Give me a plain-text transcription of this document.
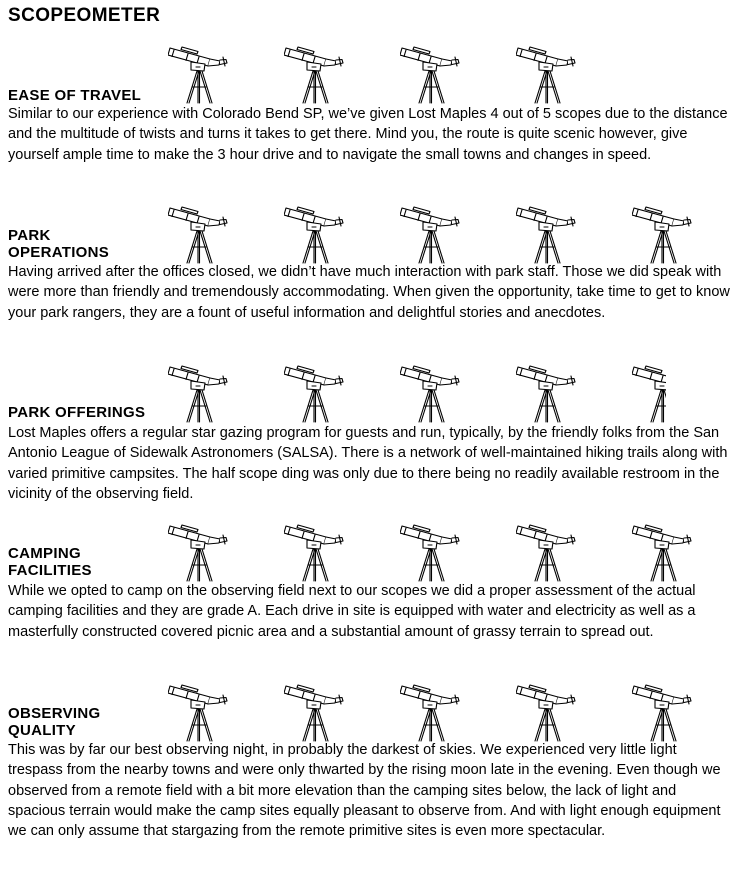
SCOPEOMETER
EASE OF TRAVEL
Similar to our experience with Colorado Bend SP, we’ve given Lost Maples 4 out of 5 scopes due to the distance and the multitude of twists and turns it takes to get there. Mind you, the route is quite scenic however, give yourself ample time to make the 3 hour drive and to navigate the small towns and changes in speed.
PARK
OPERATIONS
Having arrived after the offices closed, we didn’t have much interaction with park staff. Those we did speak with were more than friendly and tremendously accommodating. When given the opportunity, take time to get to know your park rangers, they are a fount of useful information and delightful stories and anecdotes.
PARK OFFERINGS
Lost Maples offers a regular star gazing program for guests and run, typically, by the friendly folks from the San Antonio League of Sidewalk Astronomers (SALSA). There is a network of well-maintained hiking trails along with varied primitive campsites. The half scope ding was only due to there being no readily available restroom in the vicinity of the observing field.
CAMPING
FACILITIES
While we opted to camp on the observing field next to our scopes we did a proper assessment of the actual camping facilities and they are grade A. Each drive in site is equipped with water and electricity as well as a masterfully constructed covered picnic area and a substantial amount of grassy terrain to spread out.
OBSERVING
QUALITY
This was by far our best observing night, in probably the darkest of skies. We experienced very little light trespass from the nearby towns and were only thwarted by the rising moon late in the evening. Even though we observed from a remote field with a bit more elevation than the camping sites below, the lack of light and spacious terrain would make the camp sites equally pleasant to observe from. And with light enough equipment we can only assume that stargazing from the remote primitive sites is even more spectacular.
